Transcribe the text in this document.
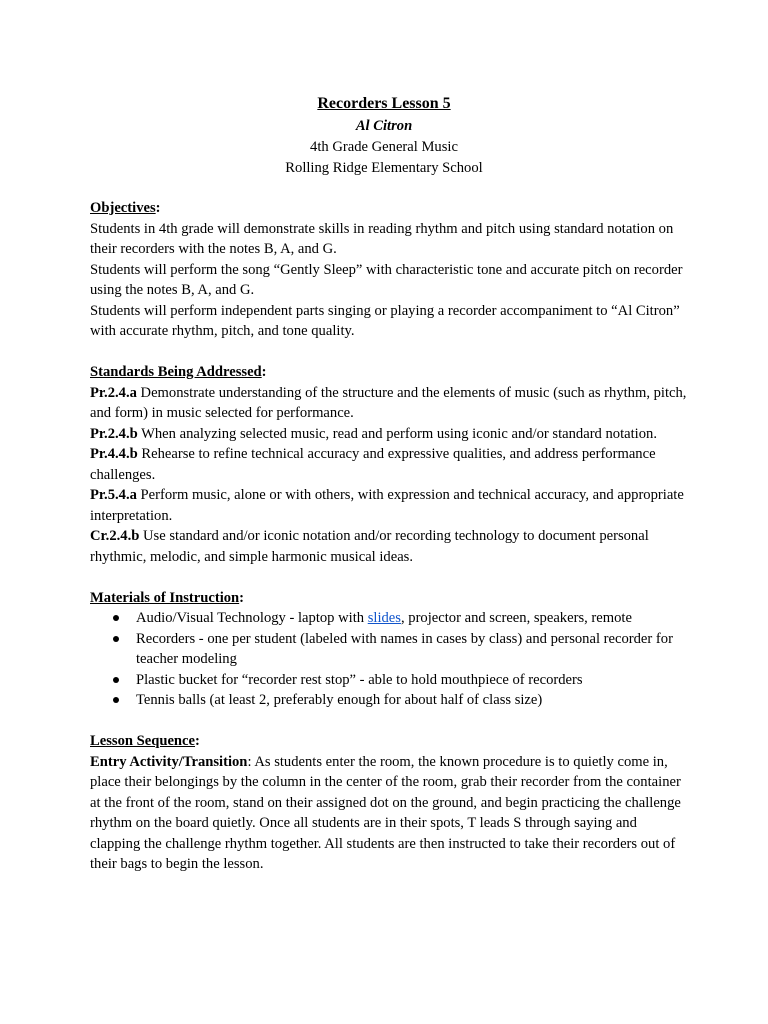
Recorders Lesson 5
Al Citron
4th Grade General Music
Rolling Ridge Elementary School
Objectives:

Students in 4th grade will demonstrate skills in reading rhythm and pitch using standard notation on their recorders with the notes B, A, and G.

Students will perform the song “Gently Sleep” with characteristic tone and accurate pitch on recorder using the notes B, A, and G.

Students will perform independent parts singing or playing a recorder accompaniment to “Al Citron” with accurate rhythm, pitch, and tone quality.

Standards Being Addressed:

Pr.2.4.a Demonstrate understanding of the structure and the elements of music (such as rhythm, pitch, and form) in music selected for performance.

Pr.2.4.b When analyzing selected music, read and perform using iconic and/or standard notation.

Pr.4.4.b Rehearse to refine technical accuracy and expressive qualities, and address performance challenges.

Pr.5.4.a Perform music, alone or with others, with expression and technical accuracy, and appropriate interpretation.

Cr.2.4.b Use standard and/or iconic notation and/or recording technology to document personal rhythmic, melodic, and simple harmonic musical ideas.

Materials of Instruction:
Audio/Visual Technology - laptop with slides, projector and screen, speakers, remote
Recorders - one per student (labeled with names in cases by class) and personal recorder for teacher modeling
Plastic bucket for “recorder rest stop” - able to hold mouthpiece of recorders
Tennis balls (at least 2, preferably enough for about half of class size)
Lesson Sequence:

Entry Activity/Transition: As students enter the room, the known procedure is to quietly come in, place their belongings by the column in the center of the room, grab their recorder from the container at the front of the room, stand on their assigned dot on the ground, and begin practicing the challenge rhythm on the board quietly. Once all students are in their spots, T leads S through saying and clapping the challenge rhythm together. All students are then instructed to take their recorders out of their bags to begin the lesson.
